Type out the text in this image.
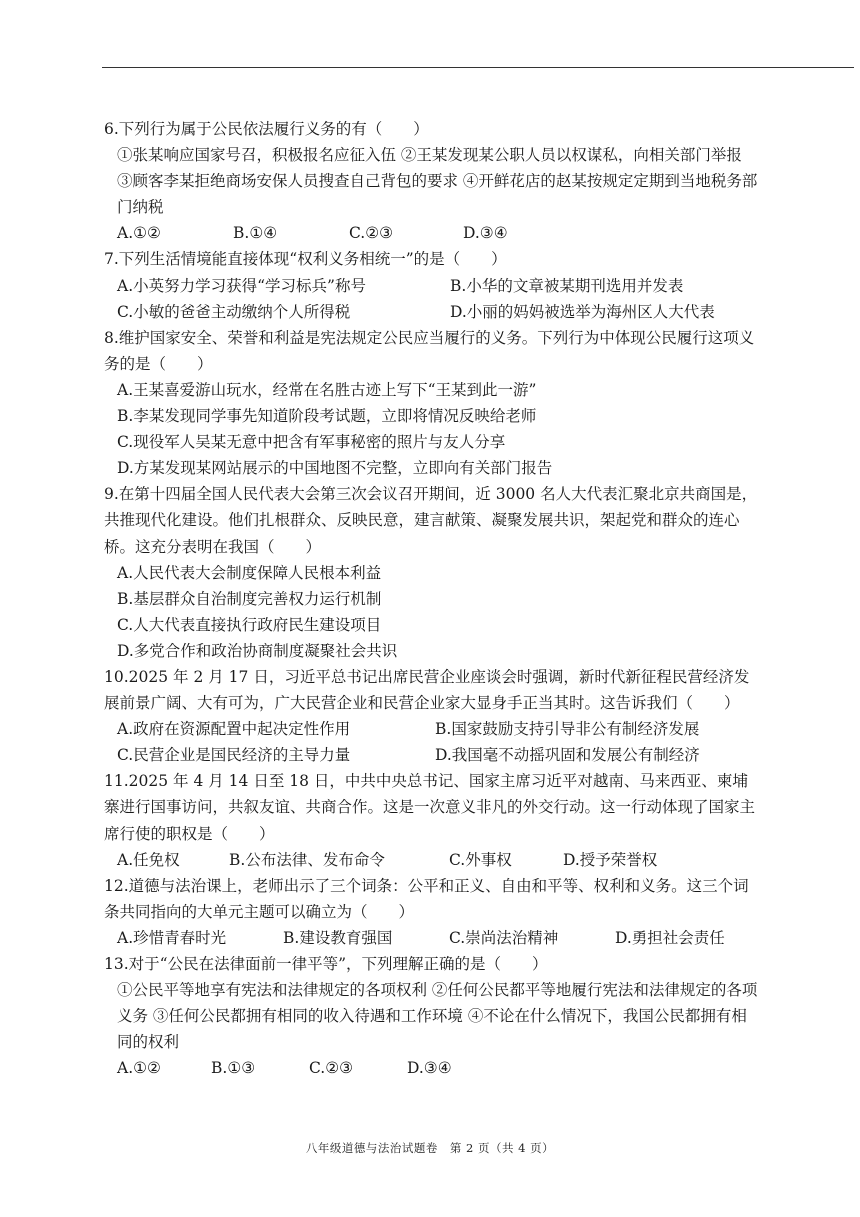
6.下列行为属于公民依法履行义务的有（　　）

①张某响应国家号召，积极报名应征入伍 ②王某发现某公职人员以权谋私，向相关部门举报 ③顾客李某拒绝商场安保人员搜查自己背包的要求 ④开鲜花店的赵某按规定定期到当地税务部门纳税

A.①②	B.①④	C.②③	D.③④

7.下列生活情境能直接体现“权利义务相统一”的是（　　）

A.小英努力学习获得“学习标兵”称号	B.小华的文章被某期刊选用并发表
C.小敏的爸爸主动缴纳个人所得税	D.小丽的妈妈被选举为海州区人大代表

8.维护国家安全、荣誉和利益是宪法规定公民应当履行的义务。下列行为中体现公民履行这项义务的是（　　）

A.王某喜爱游山玩水，经常在名胜古迹上写下“王某到此一游”
B.李某发现同学事先知道阶段考试题，立即将情况反映给老师
C.现役军人吴某无意中把含有军事秘密的照片与友人分享
D.方某发现某网站展示的中国地图不完整，立即向有关部门报告

9.在第十四届全国人民代表大会第三次会议召开期间，近 3000 名人大代表汇聚北京共商国是，共推现代化建设。他们扎根群众、反映民意，建言献策、凝聚发展共识，架起党和群众的连心桥。这充分表明在我国（　　）

A.人民代表大会制度保障人民根本利益
B.基层群众自治制度完善权力运行机制
C.人大代表直接执行政府民生建设项目
D.多党合作和政治协商制度凝聚社会共识

10.2025 年 2 月 17 日，习近平总书记出席民营企业座谈会时强调，新时代新征程民营经济发展前景广阔、大有可为，广大民营企业和民营企业家大显身手正当其时。这告诉我们（　　）

A.政府在资源配置中起决定性作用	B.国家鼓励支持引导非公有制经济发展
C.民营企业是国民经济的主导力量	D.我国毫不动摇巩固和发展公有制经济

11.2025 年 4 月 14 日至 18 日，中共中央总书记、国家主席习近平对越南、马来西亚、柬埔寨进行国事访问，共叙友谊、共商合作。这是一次意义非凡的外交行动。这一行动体现了国家主席行使的职权是（　　）

A.任免权	B.公布法律、发布命令	C.外事权	D.授予荣誉权

12.道德与法治课上，老师出示了三个词条：公平和正义、自由和平等、权利和义务。这三个词条共同指向的大单元主题可以确立为（　　）

A.珍惜青春时光	B.建设教育强国	C.崇尚法治精神	D.勇担社会责任

13.对于“公民在法律面前一律平等”，下列理解正确的是（　　）

①公民平等地享有宪法和法律规定的各项权利 ②任何公民都平等地履行宪法和法律规定的各项义务 ③任何公民都拥有相同的收入待遇和工作环境 ④不论在什么情况下，我国公民都拥有相同的权利

A.①②	B.①③	C.②③	D.③④
八年级道德与法治试题卷　第 2 页（共 4 页）
